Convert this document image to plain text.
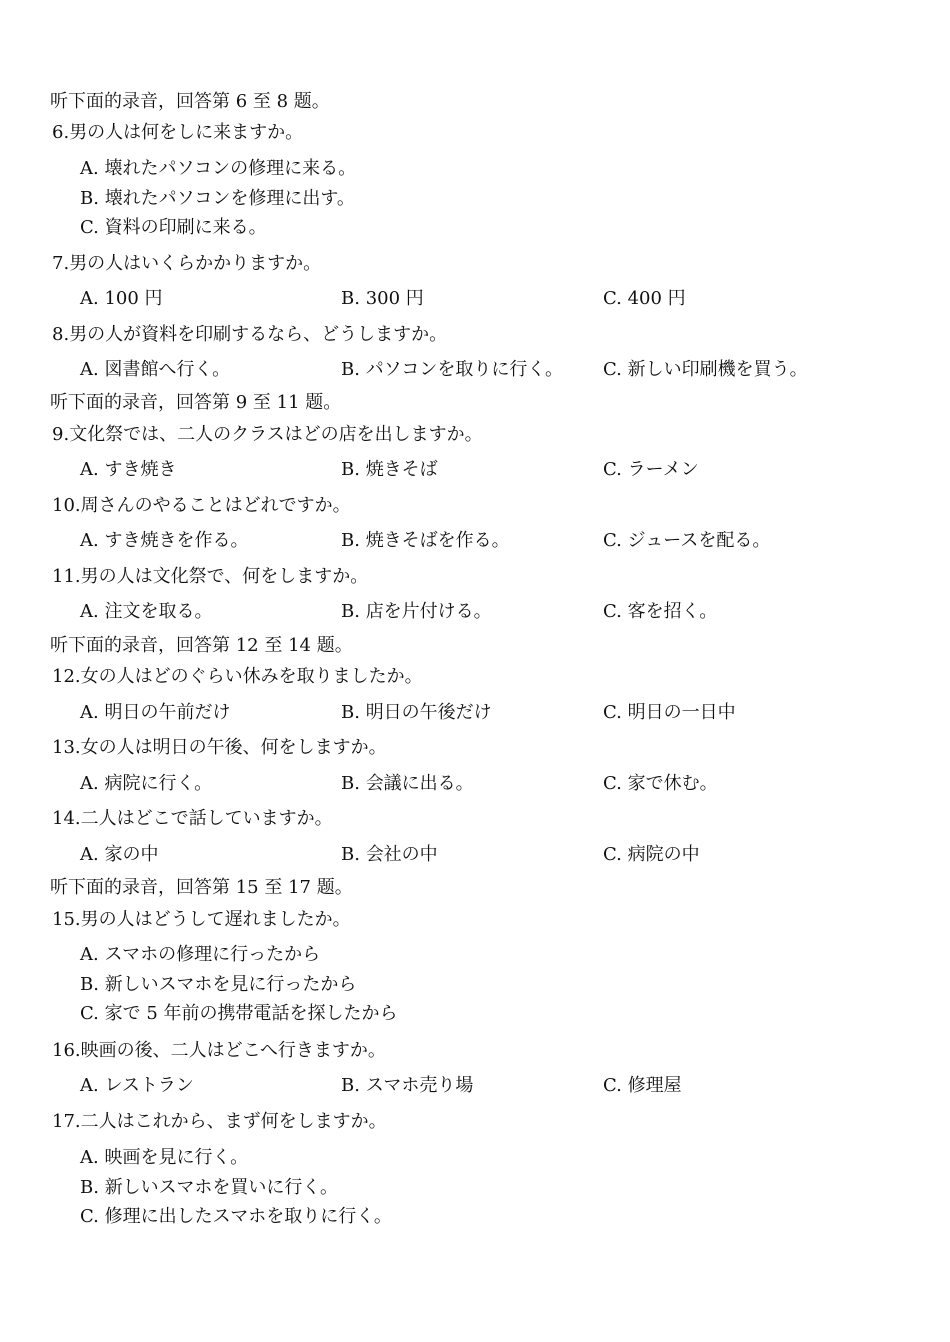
听下面的录音，回答第 6 至 8 题。
6.男の人は何をしに来ますか。
A. 壊れたパソコンの修理に来る。
B. 壊れたパソコンを修理に出す。
C. 資料の印刷に来る。
7.男の人はいくらかかりますか。
A. 100 円	B. 300 円	C. 400 円
8.男の人が資料を印刷するなら、どうしますか。
A. 図書館へ行く。	B. パソコンを取りに行く。 C. 新しい印刷機を買う。
听下面的录音，回答第 9 至 11 题。
9.文化祭では、二人のクラスはどの店を出しますか。
A. すき焼き	B. 焼きそば	C. ラーメン
10.周さんのやることはどれですか。
A. すき焼きを作る。	B. 焼きそばを作る。	C. ジュースを配る。
11.男の人は文化祭で、何をしますか。
A. 注文を取る。	B. 店を片付ける。	C. 客を招く。
听下面的录音，回答第 12 至 14 题。
12.女の人はどのぐらい休みを取りましたか。
A. 明日の午前だけ	B. 明日の午後だけ	C. 明日の一日中
13.女の人は明日の午後、何をしますか。
A. 病院に行く。	B. 会議に出る。	C. 家で休む。
14.二人はどこで話していますか。
A. 家の中	B. 会社の中	C. 病院の中
听下面的录音，回答第 15 至 17 题。
15.男の人はどうして遅れましたか。
A. スマホの修理に行ったから
B. 新しいスマホを見に行ったから
C. 家で 5 年前の携帯電話を探したから
16.映画の後、二人はどこへ行きますか。
A. レストラン	B. スマホ売り場	C. 修理屋
17.二人はこれから、まず何をしますか。
A. 映画を見に行く。
B. 新しいスマホを買いに行く。
C. 修理に出したスマホを取りに行く。
